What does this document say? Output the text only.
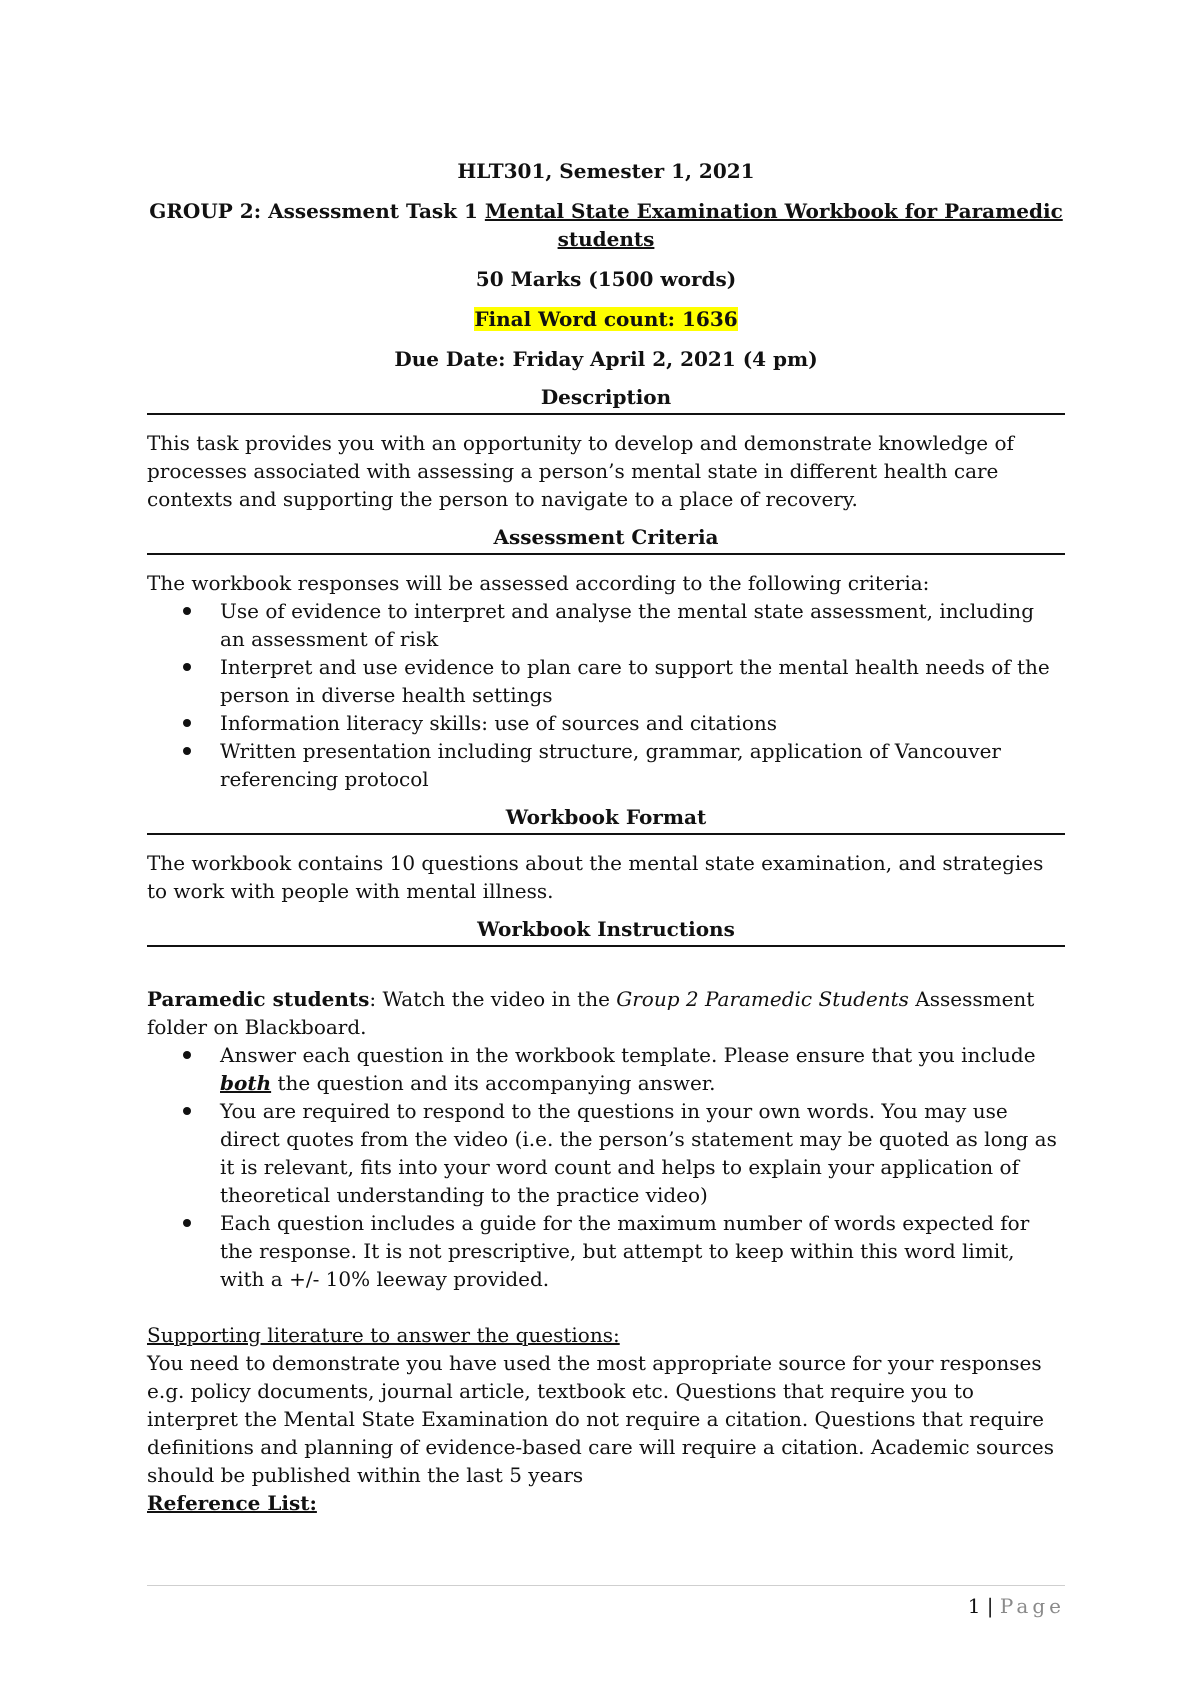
HLT301, Semester 1, 2021

GROUP 2: Assessment Task 1 Mental State Examination Workbook for Paramedic students

50 Marks (1500 words)

Final Word count: 1636

Due Date: Friday April 2, 2021 (4 pm)

Description

This task provides you with an opportunity to develop and demonstrate knowledge of processes associated with assessing a person’s mental state in different health care contexts and supporting the person to navigate to a place of recovery.

Assessment Criteria

The workbook responses will be assessed according to the following criteria:

Use of evidence to interpret and analyse the mental state assessment, including an assessment of risk
Interpret and use evidence to plan care to support the mental health needs of the person in diverse health settings
Information literacy skills: use of sources and citations
Written presentation including structure, grammar, application of Vancouver referencing protocol
Workbook Format

The workbook contains 10 questions about the mental state examination, and strategies to work with people with mental illness.

Workbook Instructions

Paramedic students: Watch the video in the Group 2 Paramedic Students Assessment folder on Blackboard.

Answer each question in the workbook template. Please ensure that you include both the question and its accompanying answer.
You are required to respond to the questions in your own words. You may use direct quotes from the video (i.e. the person’s statement may be quoted as long as it is relevant, fits into your word count and helps to explain your application of theoretical understanding to the practice video)
Each question includes a guide for the maximum number of words expected for the response. It is not prescriptive, but attempt to keep within this word limit, with a +/- 10% leeway provided.

Supporting literature to answer the questions:

You need to demonstrate you have used the most appropriate source for your responses e.g. policy documents, journal article, textbook etc. Questions that require you to interpret the Mental State Examination do not require a citation. Questions that require definitions and planning of evidence-based care will require a citation. Academic sources should be published within the last 5 years

Reference List:

1 | Page
